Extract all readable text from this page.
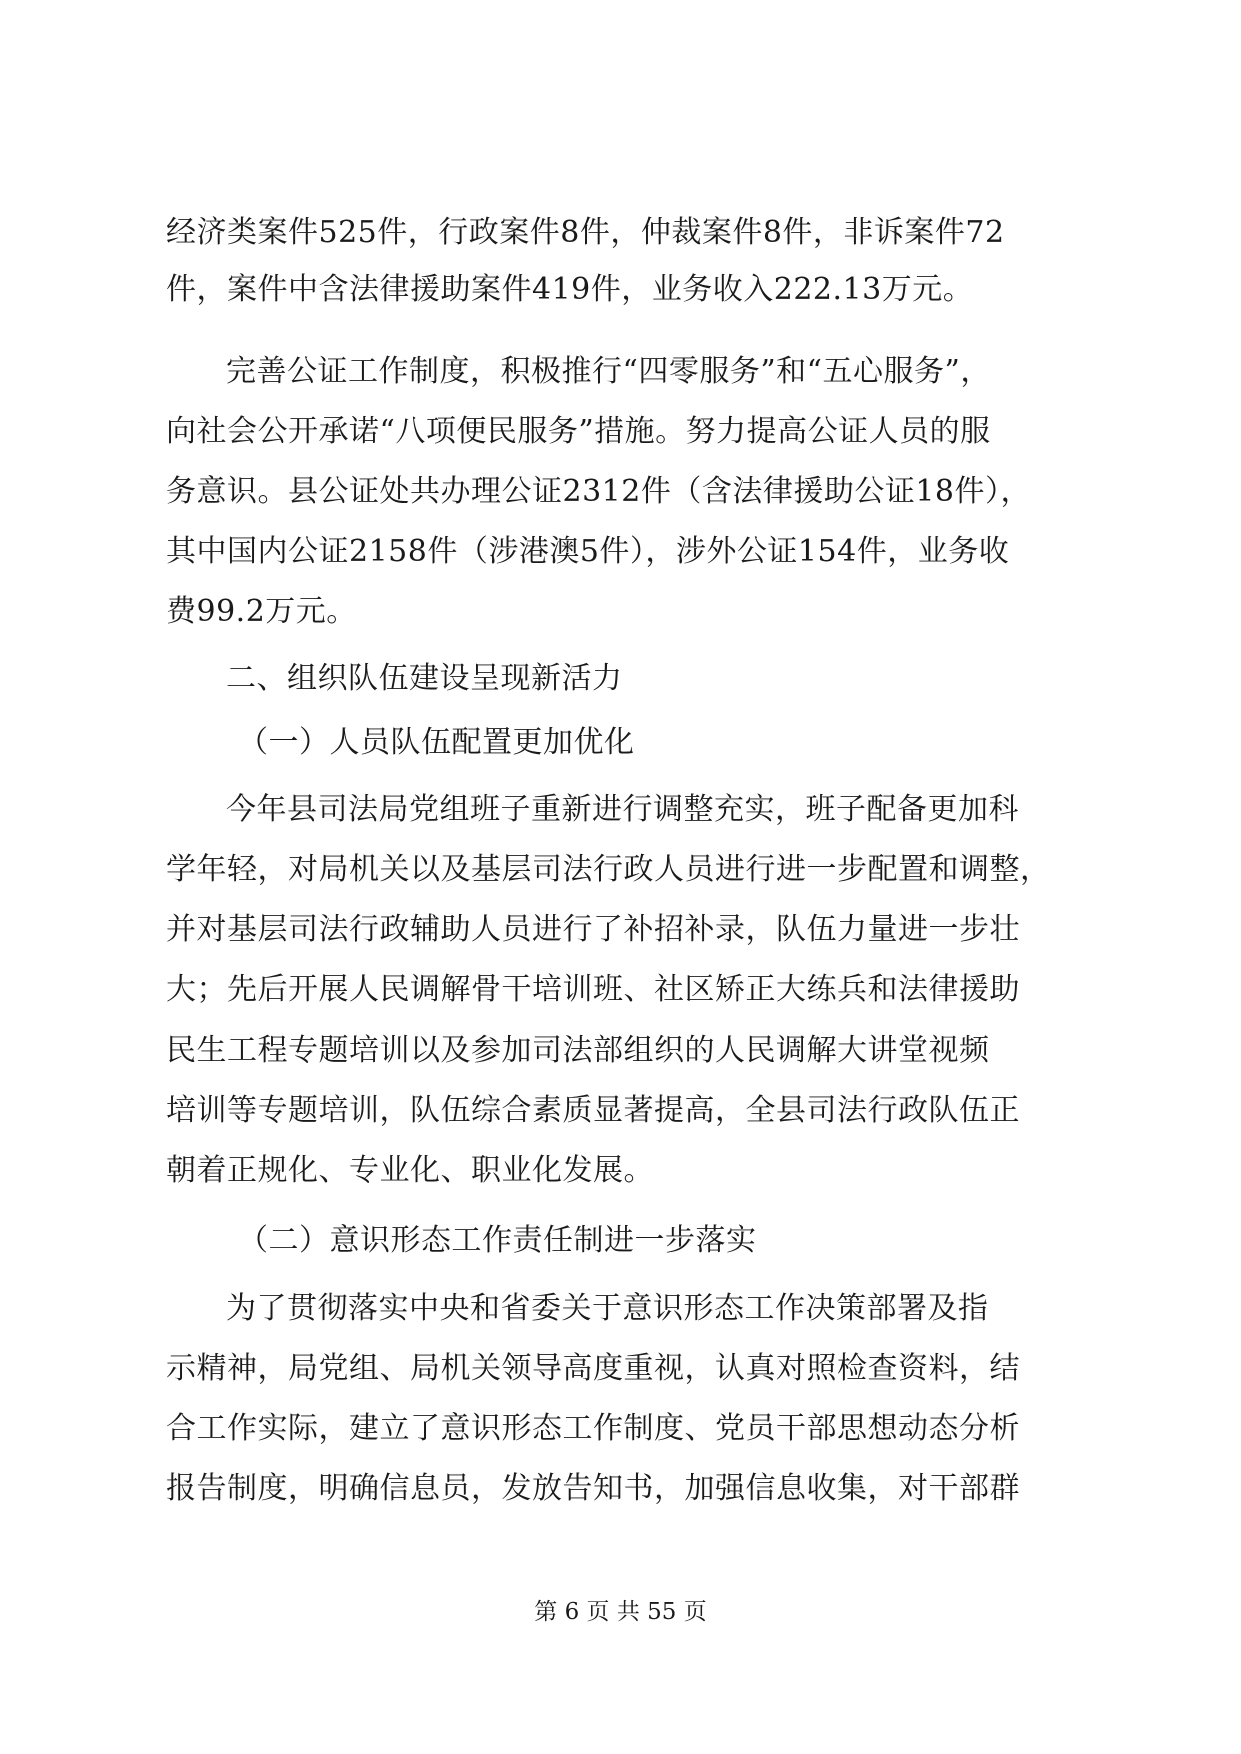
经济类案件525件，行政案件8件，仲裁案件8件，非诉案件72
件，案件中含法律援助案件419件，业务收入222.13万元。
完善公证工作制度，积极推行“四零服务”和“五心服务”，
向社会公开承诺“八项便民服务”措施。努力提高公证人员的服
务意识。县公证处共办理公证2312件（含法律援助公证18件），
其中国内公证2158件（涉港澳5件），涉外公证154件，业务收
费99.2万元。
二、组织队伍建设呈现新活力
（一）人员队伍配置更加优化
今年县司法局党组班子重新进行调整充实，班子配备更加科
学年轻，对局机关以及基层司法行政人员进行进一步配置和调整，
并对基层司法行政辅助人员进行了补招补录，队伍力量进一步壮
大；先后开展人民调解骨干培训班、社区矫正大练兵和法律援助
民生工程专题培训以及参加司法部组织的人民调解大讲堂视频
培训等专题培训，队伍综合素质显著提高，全县司法行政队伍正
朝着正规化、专业化、职业化发展。
（二）意识形态工作责任制进一步落实
为了贯彻落实中央和省委关于意识形态工作决策部署及指
示精神，局党组、局机关领导高度重视，认真对照检查资料，结
合工作实际，建立了意识形态工作制度、党员干部思想动态分析
报告制度，明确信息员，发放告知书，加强信息收集，对干部群
第 6 页 共 55 页
